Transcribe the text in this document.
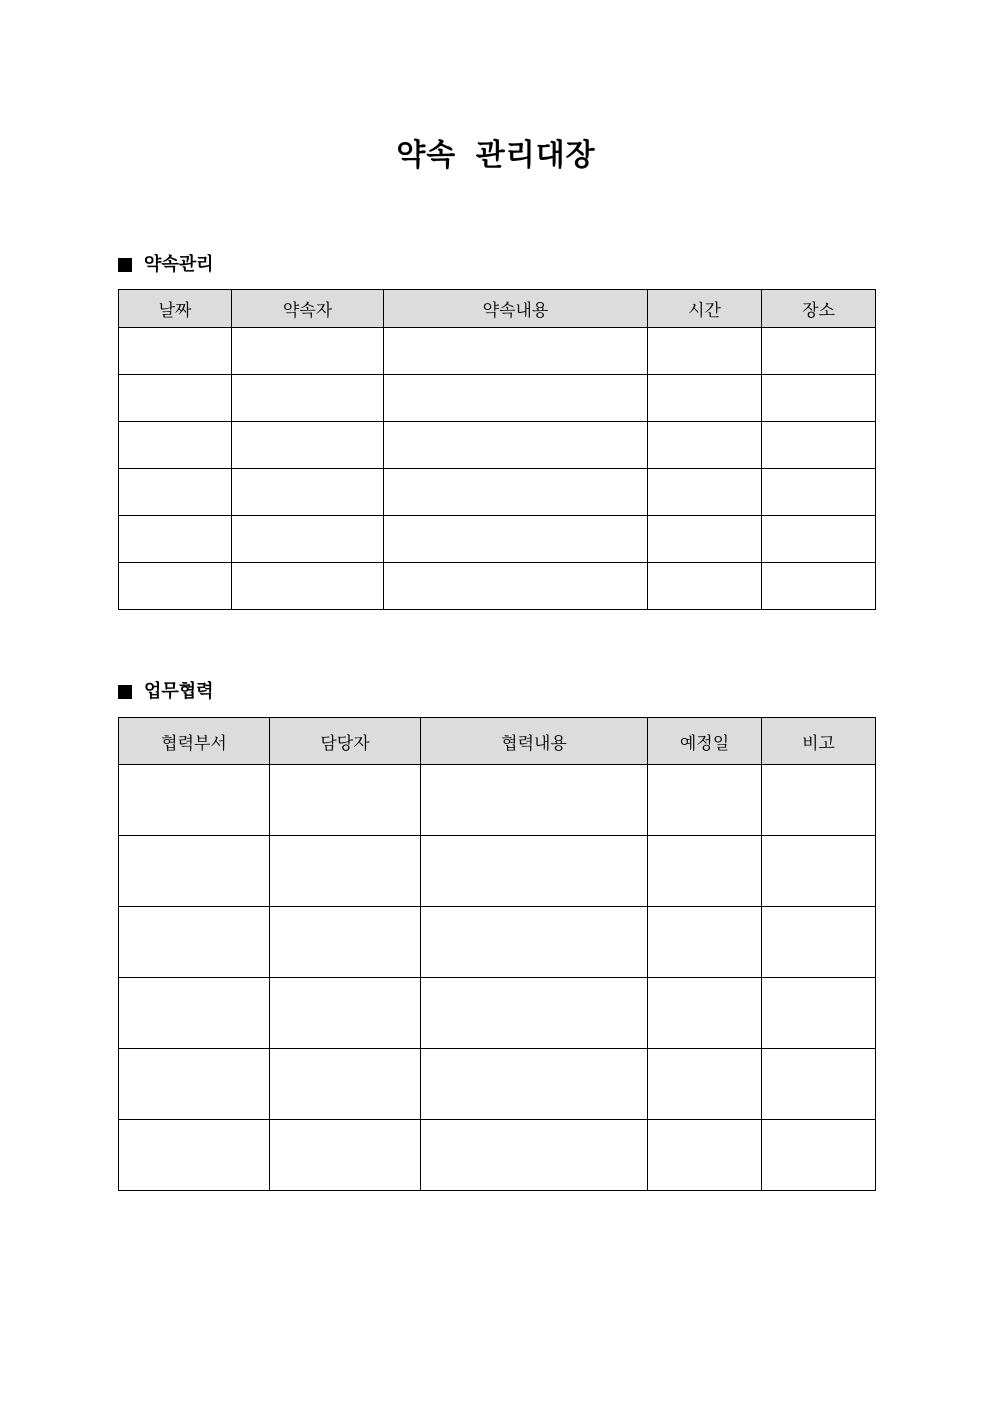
약속 관리대장
약속관리
날짜	약속자	약속내용	시간	장소

업무협력
협력부서	담당자	협력내용	예정일	비고
